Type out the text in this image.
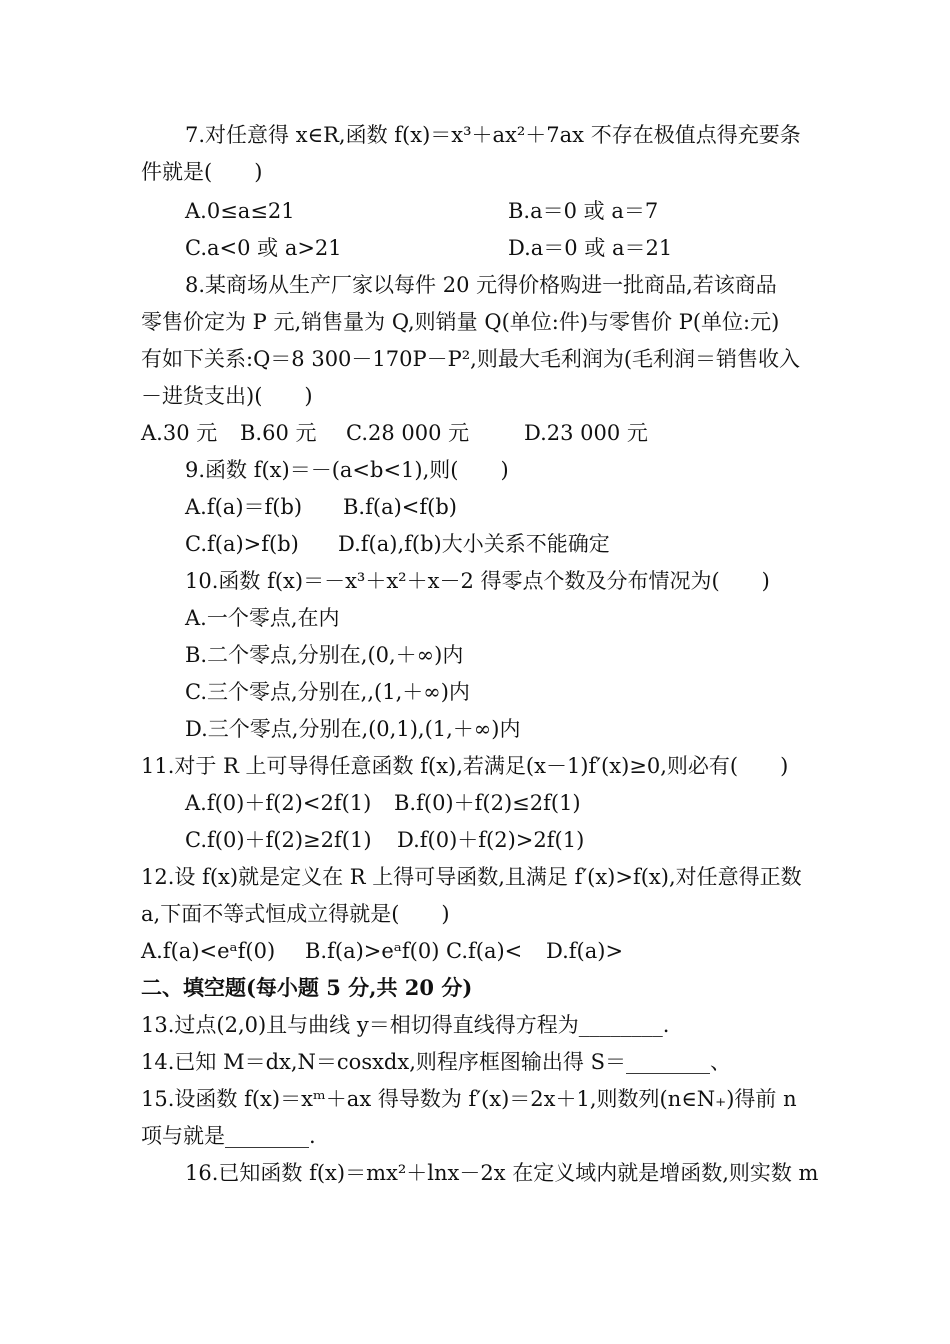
7.对任意得 x∈R,函数 f(x)＝x³＋ax²＋7ax 不存在极值点得充要条
件就是(　　)
A.0≤a≤21	B.a＝0 或 a＝7
C.a<0 或 a>21	D.a＝0 或 a＝21
8.某商场从生产厂家以每件 20 元得价格购进一批商品,若该商品
零售价定为 P 元,销售量为 Q,则销量 Q(单位:件)与零售价 P(单位:元)
有如下关系:Q＝8 300－170P－P²,则最大毛利润为(毛利润＝销售收入
－进货支出)(　　)
A.30 元 B.60 元 C.28 000 元	D.23 000 元
9.函数 f(x)＝－(a<b<1),则(　　)
A.f(a)＝f(b) B.f(a)<f(b)
C.f(a)>f(b) D.f(a),f(b)大小关系不能确定
10.函数 f(x)＝－x³＋x²＋x－2 得零点个数及分布情况为(　　)
A.一个零点,在内
B.二个零点,分别在,(0,＋∞)内
C.三个零点,分别在,,(1,＋∞)内
D.三个零点,分别在,(0,1),(1,＋∞)内
11.对于 R 上可导得任意函数 f(x),若满足(x－1)f′(x)≥0,则必有(　　)
A.f(0)＋f(2)<2f(1) B.f(0)＋f(2)≤2f(1)
C.f(0)＋f(2)≥2f(1) D.f(0)＋f(2)>2f(1)
12.设 f(x)就是定义在 R 上得可导函数,且满足 f′(x)>f(x),对任意得正数
a,下面不等式恒成立得就是(　　)
A.f(a)<eᵃf(0) B.f(a)>eᵃf(0) C.f(a)< D.f(a)>
二、填空题(每小题 5 分,共 20 分)
13.过点(2,0)且与曲线 y＝相切得直线得方程为________.
14.已知 M＝dx,N＝cosxdx,则程序框图输出得 S＝________、
15.设函数 f(x)＝xᵐ＋ax 得导数为 f′(x)＝2x＋1,则数列(n∈N₊)得前 n
项与就是________.
16.已知函数 f(x)＝mx²＋lnx－2x 在定义域内就是增函数,则实数 m
